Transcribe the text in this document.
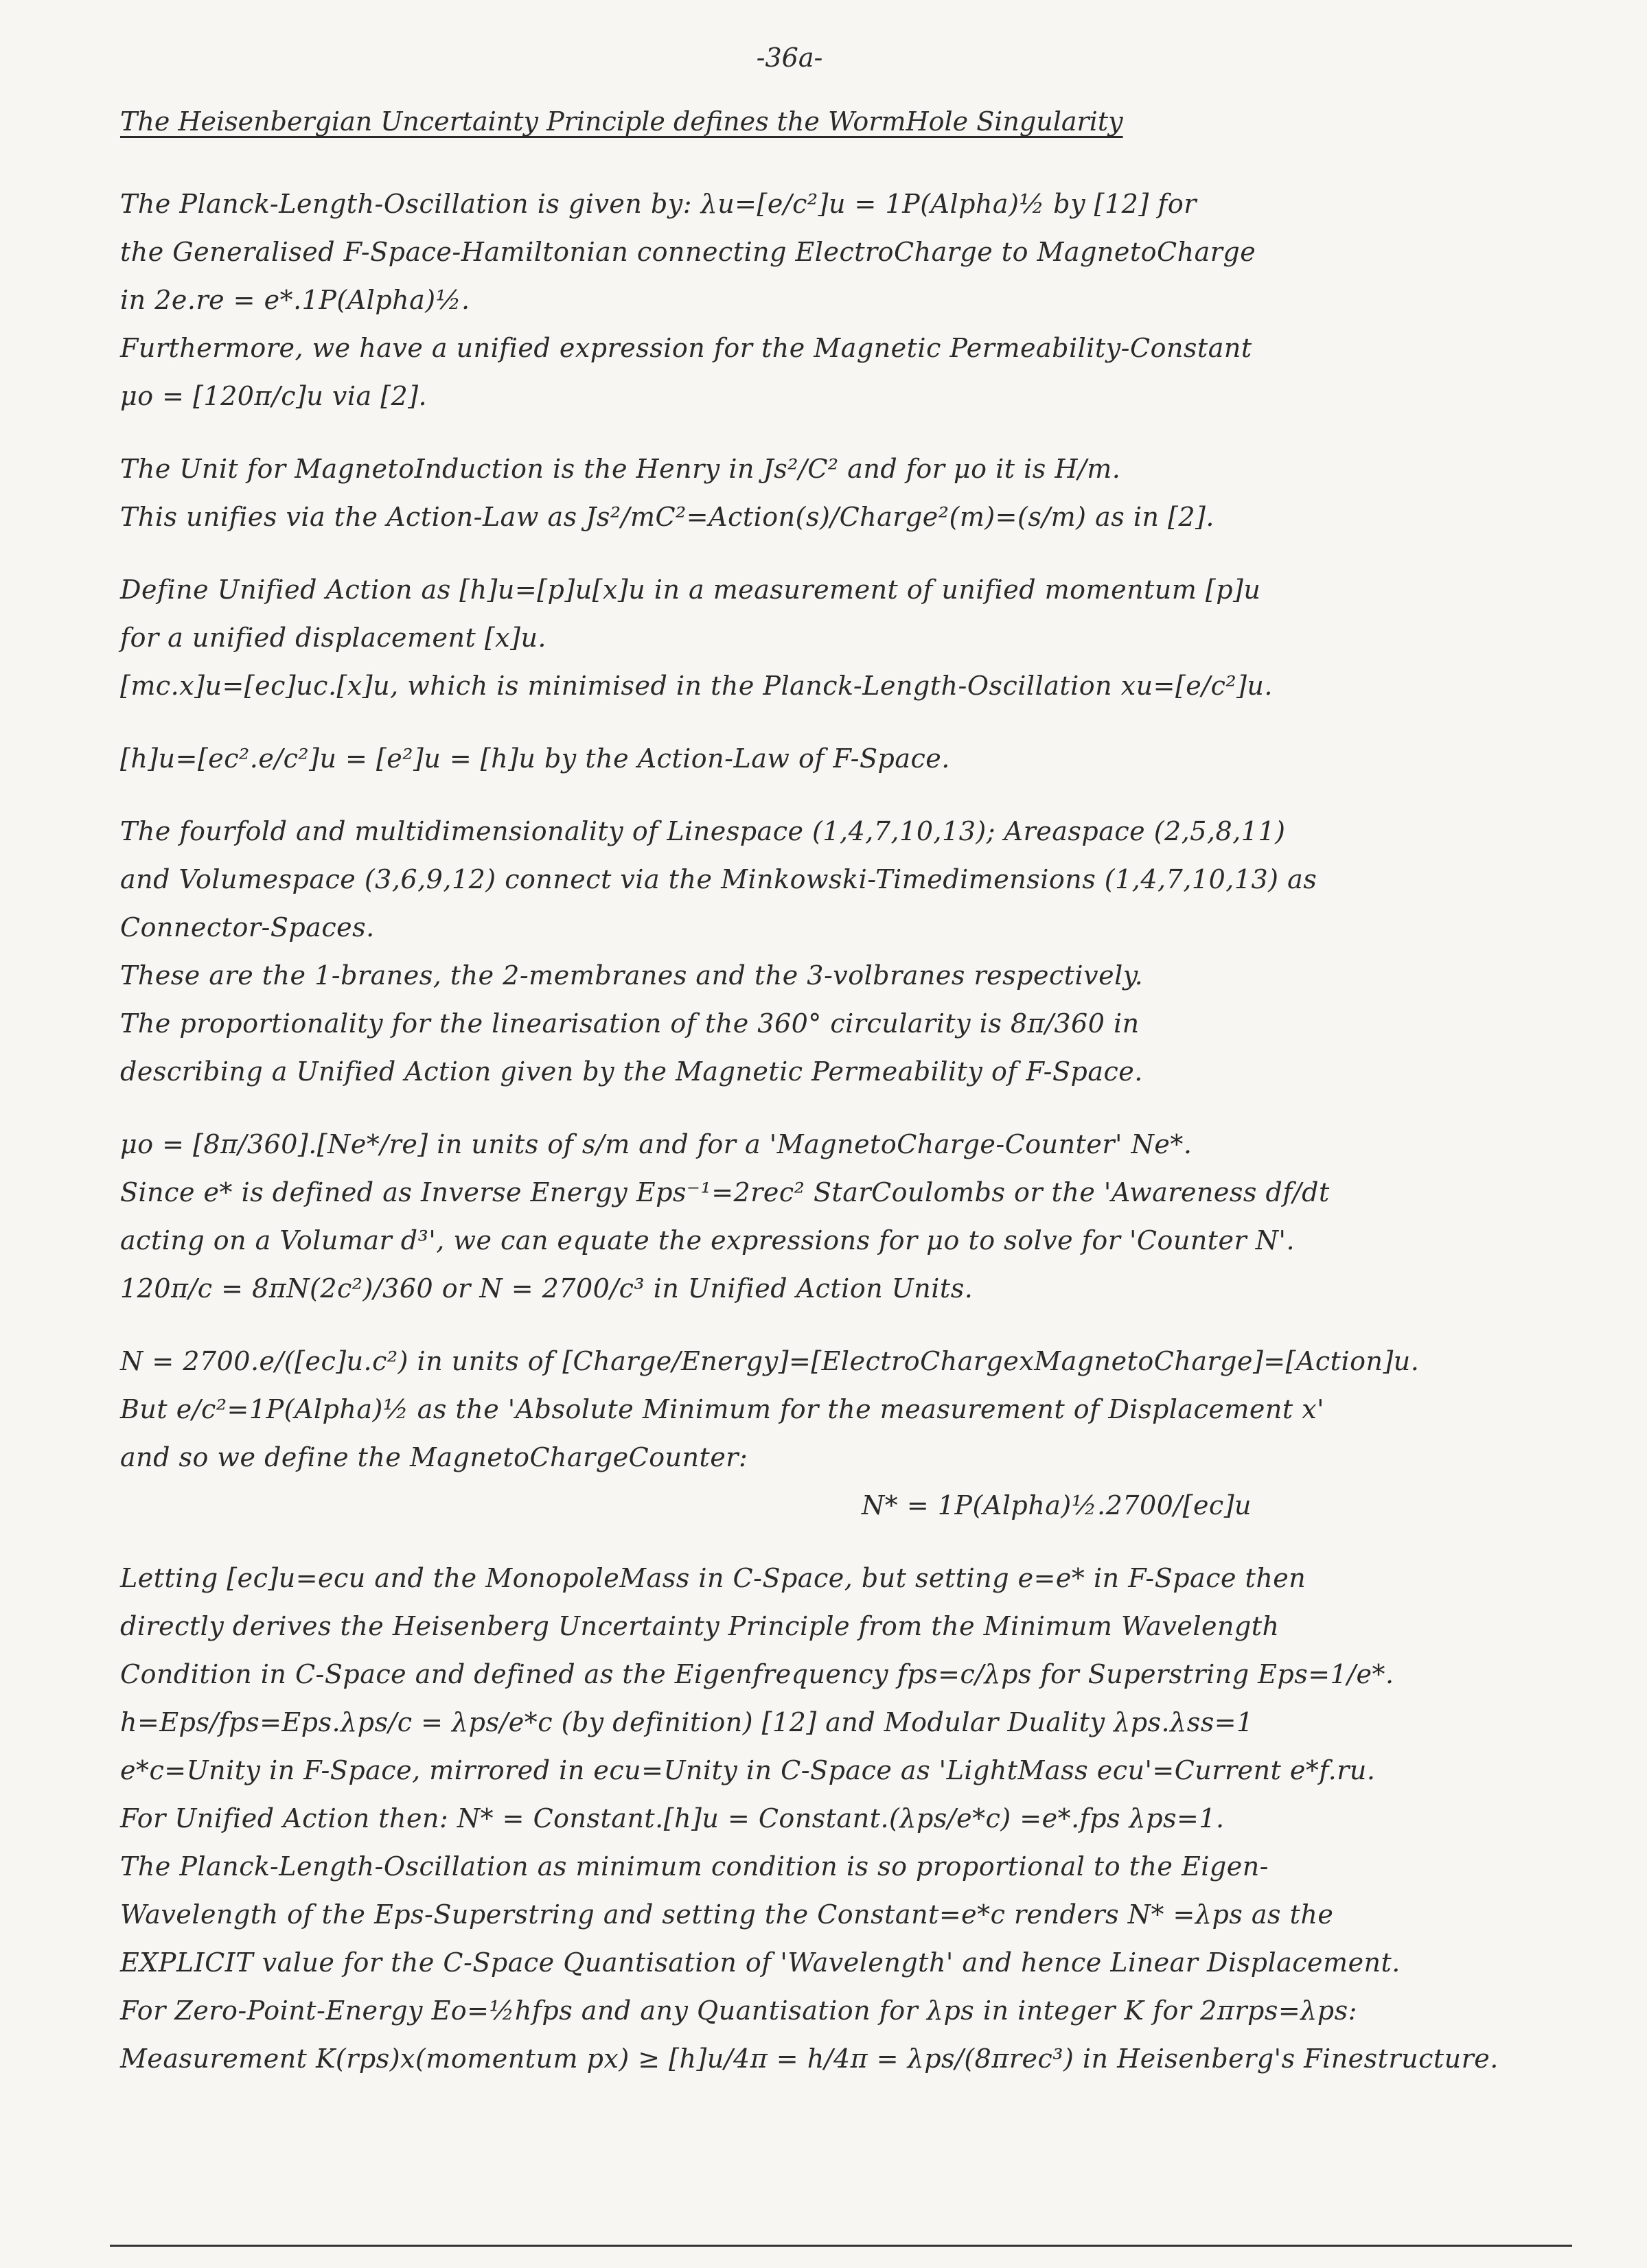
-36a-
The Heisenbergian Uncertainty Principle defines the WormHole Singularity
The Planck-Length-Oscillation is given by: λu=[e/c²]u = 1P(Alpha)½ by [12] for
the Generalised F-Space-Hamiltonian connecting ElectroCharge to MagnetoCharge
in 2e.re = e*.1P(Alpha)½.
Furthermore, we have a unified expression for the Magnetic Permeability-Constant
μo = [120π/c]u via [2].
The Unit for MagnetoInduction is the Henry in Js²/C² and for μo it is H/m.
This unifies via the Action-Law as Js²/mC²=Action(s)/Charge²(m)=(s/m) as in [2].
Define Unified Action as [h]u=[p]u[x]u in a measurement of unified momentum [p]u
for a unified displacement [x]u.
[mc.x]u=[ec]uc.[x]u, which is minimised in the Planck-Length-Oscillation xu=[e/c²]u.
[h]u=[ec².e/c²]u = [e²]u = [h]u by the Action-Law of F-Space.
The fourfold and multidimensionality of Linespace (1,4,7,10,13); Areaspace (2,5,8,11)
and Volumespace (3,6,9,12) connect via the Minkowski-Timedimensions (1,4,7,10,13) as
Connector-Spaces.
These are the 1-branes, the 2-membranes and the 3-volbranes respectively.
The proportionality for the linearisation of the 360° circularity is 8π/360 in
describing a Unified Action given by the Magnetic Permeability of F-Space.
μo = [8π/360].[Ne*/re] in units of s/m and for a 'MagnetoCharge-Counter' Ne*.
Since e* is defined as Inverse Energy Eps⁻¹=2rec² StarCoulombs or the 'Awareness df/dt
acting on a Volumar d³', we can equate the expressions for μo to solve for 'Counter N'.
120π/c = 8πN(2c²)/360 or N = 2700/c³ in Unified Action Units.
N = 2700.e/([ec]u.c²) in units of [Charge/Energy]=[ElectroChargexMagnetoCharge]=[Action]u.
But e/c²=1P(Alpha)½ as the 'Absolute Minimum for the measurement of Displacement x'
and so we define the MagnetoChargeCounter:
N* = 1P(Alpha)½.2700/[ec]u
Letting [ec]u=ecu and the MonopoleMass in C-Space, but setting e=e* in F-Space then
directly derives the Heisenberg Uncertainty Principle from the Minimum Wavelength
Condition in C-Space and defined as the Eigenfrequency fps=c/λps for Superstring Eps=1/e*.
h=Eps/fps=Eps.λps/c = λps/e*c (by definition) [12] and Modular Duality λps.λss=1
e*c=Unity in F-Space, mirrored in ecu=Unity in C-Space as 'LightMass ecu'=Current e*f.ru.
For Unified Action then: N* = Constant.[h]u = Constant.(λps/e*c) =e*.fps λps=1.
The Planck-Length-Oscillation as minimum condition is so proportional to the Eigen-
Wavelength of the Eps-Superstring and setting the Constant=e*c renders N* =λps as the
EXPLICIT value for the C-Space Quantisation of 'Wavelength' and hence Linear Displacement.
For Zero-Point-Energy Eo=½hfps and any Quantisation for λps in integer K for 2πrps=λps:
Measurement K(rps)x(momentum px) ≥ [h]u/4π = h/4π = λps/(8πrec³) in Heisenberg's Finestructure.
